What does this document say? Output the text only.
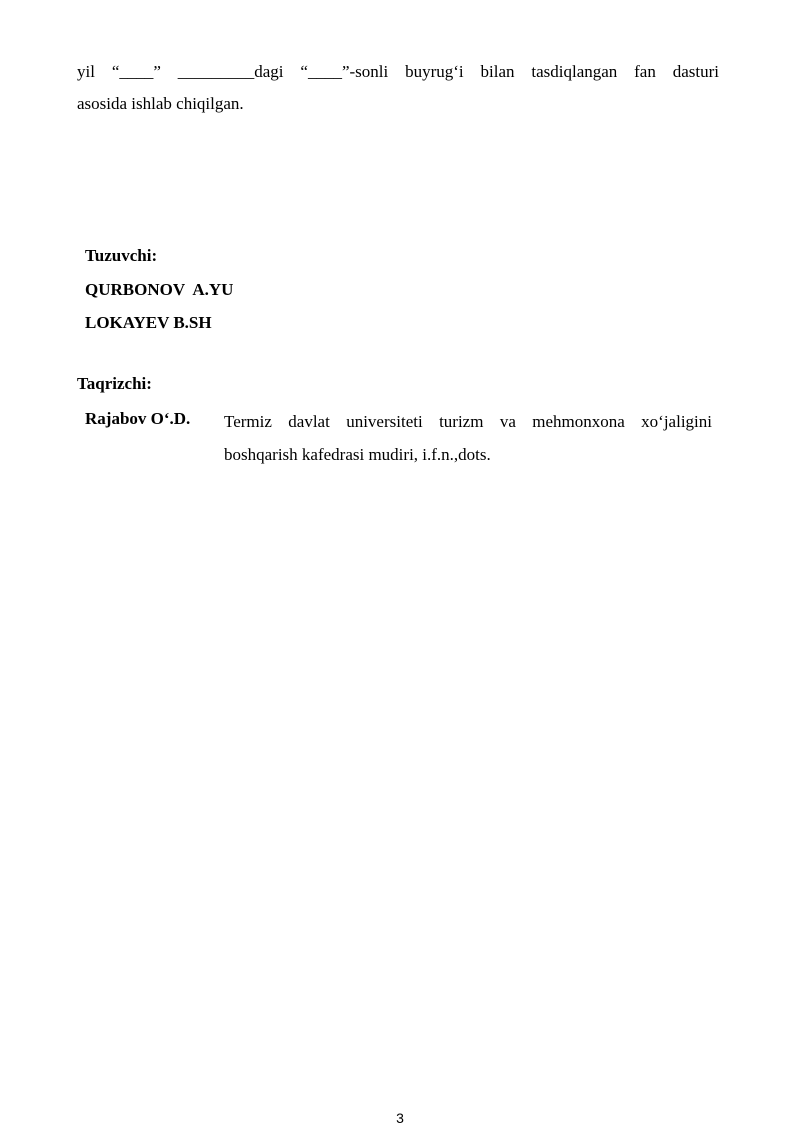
yil “____” _________dagi “____”-sonli buyrug‘i bilan tasdiqlangan fan dasturi
asosida ishlab chiqilgan.

Tuzuvchi:

QURBONOV  A.YU

LOKAYEV B.SH

Taqrizchi:

Rajabov O‘.D. Termiz davlat universiteti turizm va mehmonxona xo‘jaligini
boshqarish kafedrasi mudiri, i.f.n.,dots.

3
